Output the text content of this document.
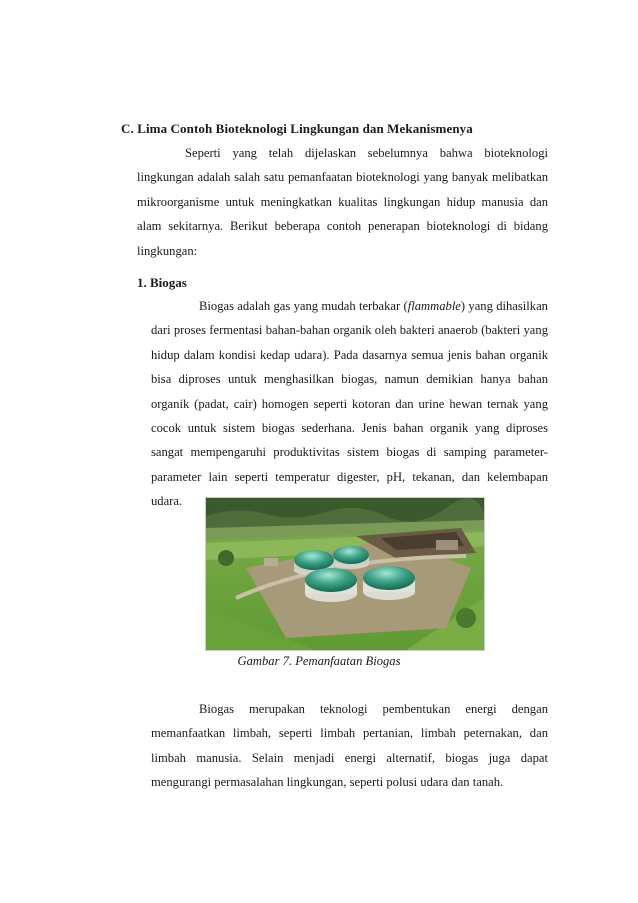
C. Lima Contoh Bioteknologi Lingkungan dan Mekanismenya
Seperti yang telah dijelaskan sebelumnya bahwa bioteknologi lingkungan adalah salah satu pemanfaatan bioteknologi yang banyak melibatkan mikroorganisme untuk meningkatkan kualitas lingkungan hidup manusia dan alam sekitarnya. Berikut beberapa contoh penerapan bioteknologi di bidang lingkungan:
1. Biogas
Biogas adalah gas yang mudah terbakar (flammable) yang dihasilkan dari proses fermentasi bahan-bahan organik oleh bakteri anaerob (bakteri yang hidup dalam kondisi kedap udara). Pada dasarnya semua jenis bahan organik bisa diproses untuk menghasilkan biogas, namun demikian hanya bahan organik (padat, cair) homogen seperti kotoran dan urine hewan ternak yang cocok untuk sistem biogas sederhana. Jenis bahan organik yang diproses sangat mempengaruhi produktivitas sistem biogas di samping parameter-parameter lain seperti temperatur digester, pH, tekanan, dan kelembapan udara.
Gambar 7. Pemanfaatan Biogas
Biogas merupakan teknologi pembentukan energi dengan memanfaatkan limbah, seperti limbah pertanian, limbah peternakan, dan limbah manusia. Selain menjadi energi alternatif, biogas juga dapat mengurangi permasalahan lingkungan, seperti polusi udara dan tanah.
